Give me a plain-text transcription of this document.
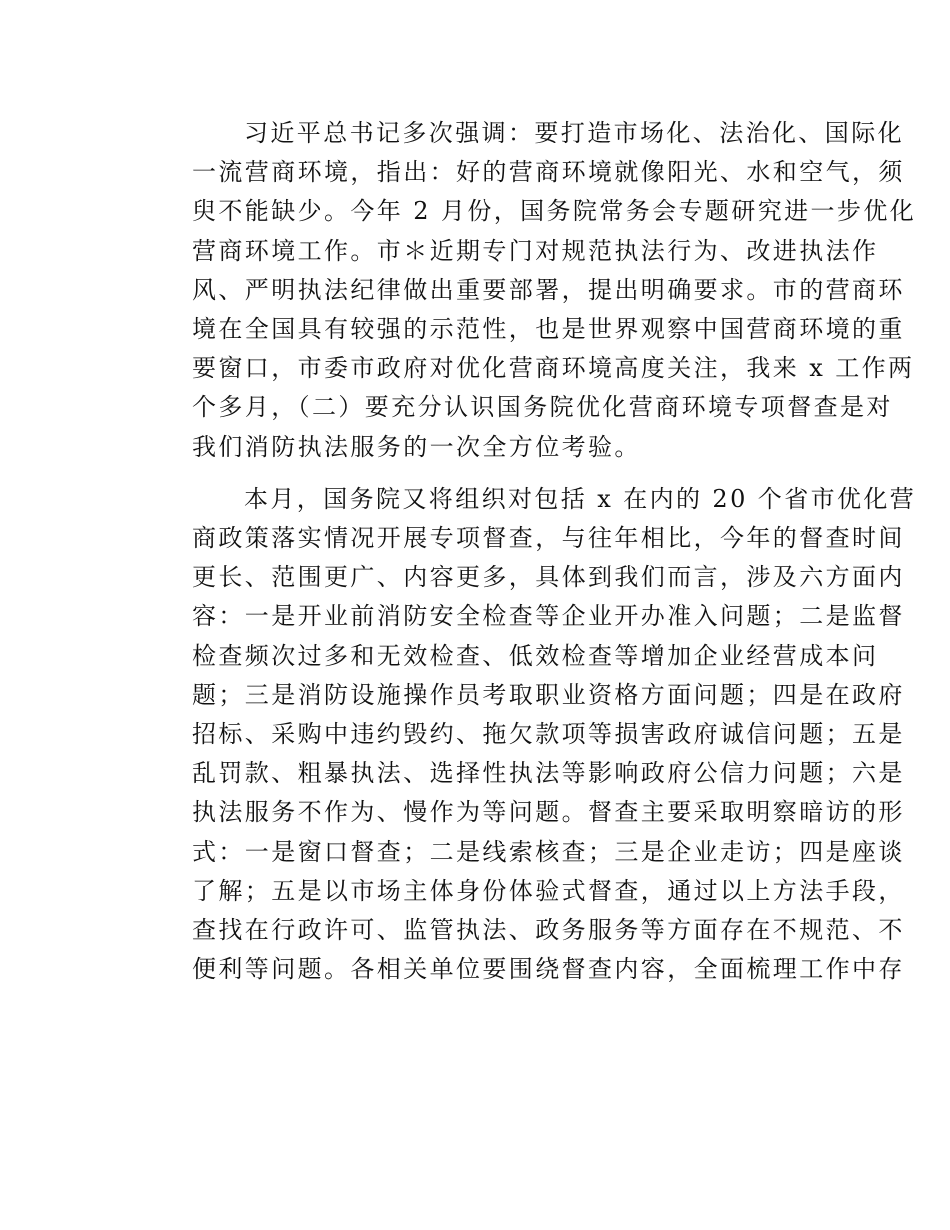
习近平总书记多次强调：要打造市场化、法治化、国际化
一流营商环境，指出：好的营商环境就像阳光、水和空气，须
臾不能缺少。今年 2 月份，国务院常务会专题研究进一步优化
营商环境工作。市＊近期专门对规范执法行为、改进执法作
风、严明执法纪律做出重要部署，提出明确要求。市的营商环
境在全国具有较强的示范性，也是世界观察中国营商环境的重
要窗口，市委市政府对优化营商环境高度关注，我来 x 工作两
个多月，（二）要充分认识国务院优化营商环境专项督查是对
我们消防执法服务的一次全方位考验。
本月，国务院又将组织对包括 x 在内的 20 个省市优化营
商政策落实情况开展专项督查，与往年相比，今年的督查时间
更长、范围更广、内容更多，具体到我们而言，涉及六方面内
容：一是开业前消防安全检查等企业开办准入问题；二是监督
检查频次过多和无效检查、低效检查等增加企业经营成本问
题；三是消防设施操作员考取职业资格方面问题；四是在政府
招标、采购中违约毁约、拖欠款项等损害政府诚信问题；五是
乱罚款、粗暴执法、选择性执法等影响政府公信力问题；六是
执法服务不作为、慢作为等问题。督查主要采取明察暗访的形
式：一是窗口督查；二是线索核查；三是企业走访；四是座谈
了解；五是以市场主体身份体验式督查，通过以上方法手段，
查找在行政许可、监管执法、政务服务等方面存在不规范、不
便利等问题。各相关单位要围绕督查内容，全面梳理工作中存
